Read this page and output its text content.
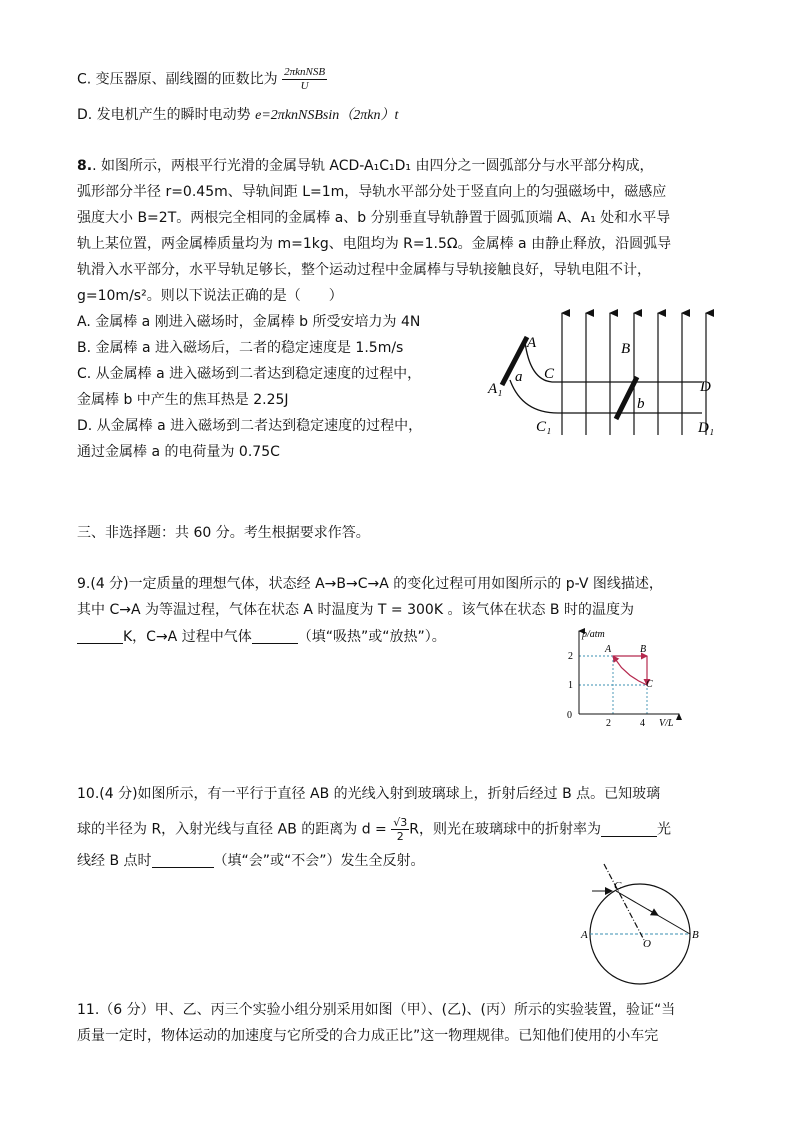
C. 变压器原、副线圈的匝数比为 $\frac{\text{2πknNSB}}{U}$
D. 发电机产生的瞬时电动势 e=2πknNSBsin（2πkn）t
8.. 如图所示，两根平行光滑的金属导轨 ACD-A₁C₁D₁ 由四分之一圆弧部分与水平部分构成，
弧形部分半径 r=0.45m、导轨间距 L=1m，导轨水平部分处于竖直向上的匀强磁场中，磁感应
强度大小 B=2T。两根完全相同的金属棒 a、b 分别垂直导轨静置于圆弧顶端 A、A₁ 处和水平导
轨上某位置，两金属棒质量均为 m=1kg、电阻均为 R=1.5Ω。金属棒 a 由静止释放，沿圆弧导
轨滑入水平部分，水平导轨足够长，整个运动过程中金属棒与导轨接触良好，导轨电阻不计，
g=10m/s²。则以下说法正确的是（　　）
A. 金属棒 a 刚进入磁场时，金属棒 b 所受安培力为 4N
B. 金属棒 a 进入磁场后，二者的稳定速度是 1.5m/s
C. 从金属棒 a 进入磁场到二者达到稳定速度的过程中，
金属棒 b 中产生的焦耳热是 2.25J
D. 从金属棒 a 进入磁场到二者达到稳定速度的过程中，
通过金属棒 a 的电荷量为 0.75C
A
A₁
a C
B
D
b
C₁	D₁
三、非选择题：共 60 分。考生根据要求作答。
9.(4 分)一定质量的理想气体，状态经 A→B→C→A 的变化过程可用如图所示的 p-V 图线描述，
其中 C→A 为等温过程，气体在状态 A 时温度为 T = 300K 。该气体在状态 B 时的温度为
K，C→A 过程中气体	（填“吸热”或“放热”）。	p/atm
V/L
0
2
1
2	4
A	B
C
10.(4 分)如图所示，有一平行于直径 AB 的光线入射到玻璃球上，折射后经过 B 点。已知玻璃
球的半径为 R，入射光线与直径 AB 的距离为 $d = \frac{√3}{2}$ R，则光在玻璃球中的折射率为	光
线经 B 点时	（填“会”或“不会”）发生全反射。
C
A
O
B
11.（6 分）甲、乙、丙三个实验小组分别采用如图（甲）、(乙)、(丙）所示的实验装置，验证“当
质量一定时，物体运动的加速度与它所受的合力成正比”这一物理规律。已知他们使用的小车完
